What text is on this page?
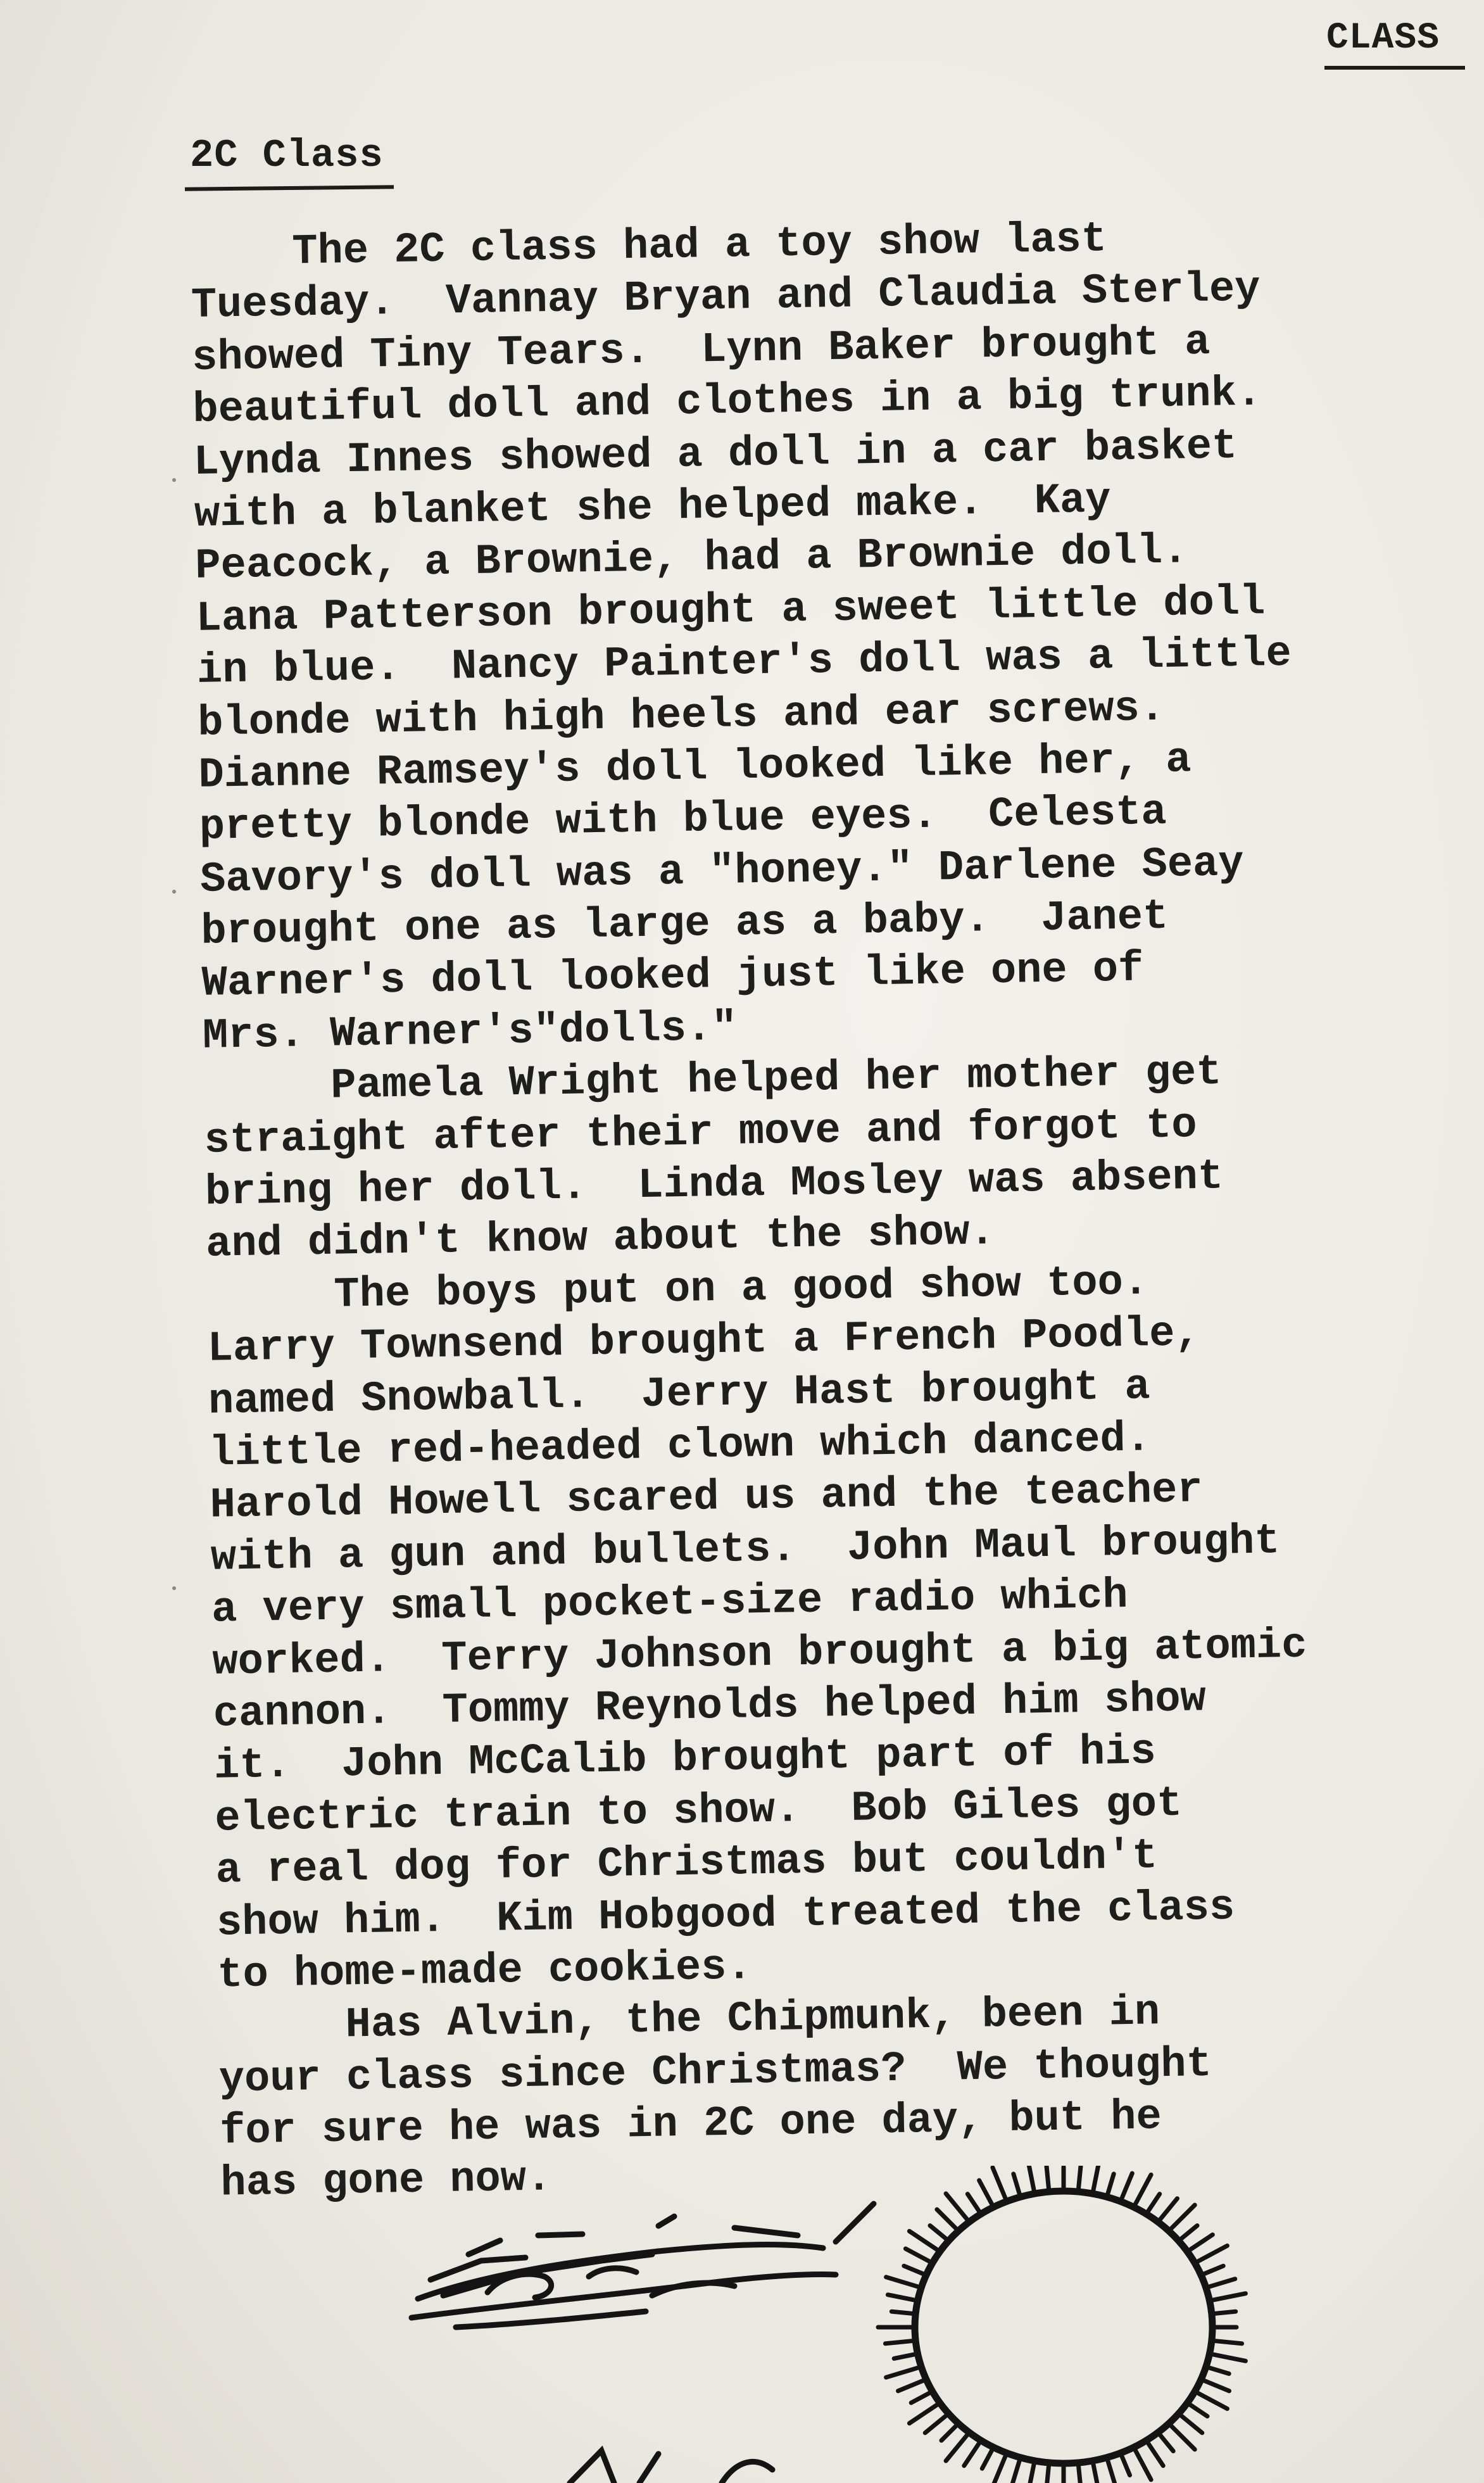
CLASS
2C Class
The 2C class had a toy show last
Tuesday.  Vannay Bryan and Claudia Sterley
showed Tiny Tears.  Lynn Baker brought a
beautiful doll and clothes in a big trunk.
Lynda Innes showed a doll in a car basket
with a blanket she helped make.  Kay
Peacock, a Brownie, had a Brownie doll.
Lana Patterson brought a sweet little doll
in blue.  Nancy Painter's doll was a little
blonde with high heels and ear screws.
Dianne Ramsey's doll looked like her, a
pretty blonde with blue eyes.  Celesta
Savory's doll was a "honey." Darlene Seay
brought one as large as a baby.  Janet
Warner's doll looked just like one of
Mrs. Warner's"dolls."
Pamela Wright helped her mother get
straight after their move and forgot to
bring her doll.  Linda Mosley was absent
and didn't know about the show.
The boys put on a good show too.
Larry Townsend brought a French Poodle,
named Snowball.  Jerry Hast brought a
little red-headed clown which danced.
Harold Howell scared us and the teacher
with a gun and bullets.  John Maul brought
a very small pocket-size radio which
worked.  Terry Johnson brought a big atomic
cannon.  Tommy Reynolds helped him show
it.  John McCalib brought part of his
electric train to show.  Bob Giles got
a real dog for Christmas but couldn't
show him.  Kim Hobgood treated the class
to home-made cookies.
Has Alvin, the Chipmunk, been in
your class since Christmas?  We thought
for sure he was in 2C one day, but he
has gone now.
